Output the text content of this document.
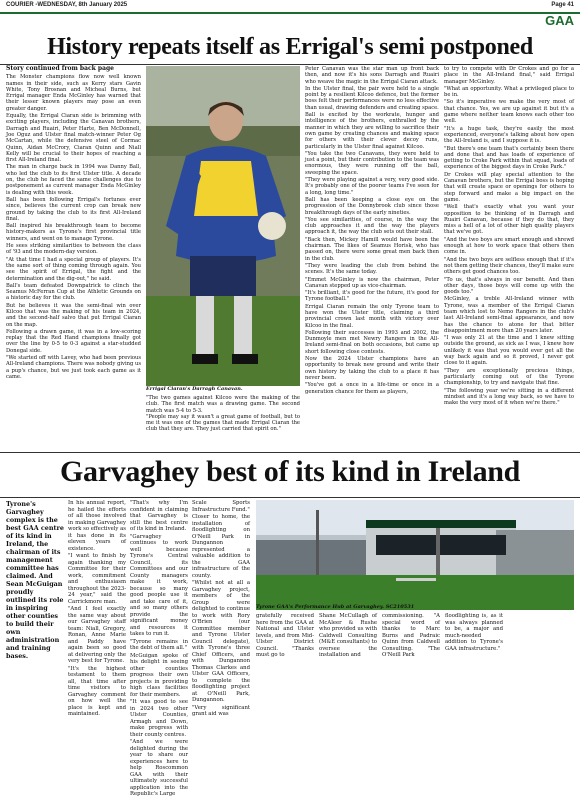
COURIER -WEDNESDAY, 8th January 2025	Page 41
GAA
History repeats itself as Errigal's semi postponed
Story continued from back page

The Monster champions flow now well known names in their side, such as Kerry stars Gavin White, Tony Brosnan and Micheal Burns, but Errigal manager Enda McGinley has warned that their lesser known players may pose an even greater danger.

Equally, the Errigal Ciaran side is brimming with exciting players, including the Canavan brothers, Darragh and Ruairi, Peter Harte, Ben McDonnell, Joe Oguz and Ulster final match-winner Peter Og McCartan, while the defensive steel of Cormac Quinn, Aidan McCrory, Ciaran Quinn and Niall Kelly will be crucial to their hopes of reaching a first All-Ireland final.

The man in charge back in 1994 was Danny Ball, who led the club to its first Ulster title. A decade on, the club he faced the same challenges due to postponement as current manager Enda McGinley is dealing with this week.

Ball has been following Errigal's fortunes ever since, believes the current crop can break new ground by taking the club to its first All-Ireland final.

Ball inspired his breakthrough team to become history-makers as Tyrone's first provincial title winners, and went on to manage Tyrone.

He sees striking similarities to between the class of '93 and the modern-day version.

"At that time I had a special group of players. It's the same sort of thing coming through again. You see the spirit of Errigal, the fight and the determination and the dig-out," he said.

Ball's team defeated Downpatrick to clinch the Seamus McFerran Cup at the Athletic Grounds on a historic day for the club.

But he believes it was the semi-final win over Kilcoo that was the making of his team in 2024, and the second-half salvo that put Errigal Ciaran on the map.

Following a drawn game, it was in a low-scoring replay that the Red Hand champions finally got over the line by 0-5 to 0-3 against a star-studded Donegal side.

"We started off with Lavey, who had been previous All-Ireland champions. There was nobody giving us a pup's chance, but we just took each game as it came.

Errigal Ciaran's Darragh Canavan.

"The two games against Kilcoo were the making of the club. The first match was a drawing game. The second match was 5-4 to 5-3.

"People may say it wasn't a great game of football, but to me it was one of the games that made Errigal Ciaran the club that they are. They just carried that spirit on."

Peter Canavan was the star man up front back then, and now it's his sons Darragh and Ruairi who weave the magic in the Errigal Ciaran attack.

In the Ulster final, the pair were held to a single point by a resilient Kilcoo defence, but the former boss felt their performances were no less effective than usual, drawing defenders and creating space.

Ball is excited by the workrate, hunger and intelligence of the brothers, enthralled by the manner in which they are willing to sacrifice their own game by creating chances and making space for others with their clever decoy runs, particularly in the Ulster final against Kilcoo.

"You take the two Canavans, they were held to just a point, but their contribution to the team was enormous, they were running off the ball, sweeping the space.

"They were playing against a very, very good side. It's probably one of the poorer teams I've seen for a long, long time."

Ball has been keeping a close eye on the progression of the Donnybrook club since those breakthrough days of the early nineties.

"You see similarities, of course, in the way the club approaches it and the way the players approach it, the way the club sets out their stall.

"Back then, Mickey Hamill would have been the chairman. The likes of Seamus Horisk, who has passed on, there were some great men back then in the club.

"They were leading the club from behind the scenes. It's the same today.

"Emmet McGinley is now the chairman, Peter Canavan stepped up as vice-chairman.

"It's brilliant, it's good for the future, it's good for Tyrone football."

Errigal Ciaran remain the only Tyrone team to have won the Ulster title, claiming a third provincial crown last month with victory over Kilcoo in the final.

Following their successes in 1993 and 2002, the Dunmoyle men met Newry Rangers in the All-Ireland semi-final on both occasions, but came up short following close contests.

Now the 2024 Ulster champions have an opportunity to break new ground and write their own history by taking the club to a place it has never been.

"You've got a once in a life-time or once in a generation chance for them as players,

to try to compete with Dr Crokes and go for a place in the All-Ireland final," said Errigal manager McGinley.

"What an opportunity. What a privileged place to be in.

"So it's imperative we make the very most of that chance. Yes, we are up against it but it's a game where neither team knows each other too well.

"It's a huge task, they're easily the most experienced, everyone's talking about how open the All-Ireland is, and I suppose it is.

"But there's one team that's certainly been there and done that and has loads of experience of getting to Croke Park within that squad, loads of experience of the biggest days in Croke Park."

Dr Crokes will play special attention to the Canavan brothers, but the Errigal boss is hoping that will create space or openings for others to step forward and make a big impact on the game.

"Well that's exactly what you want your opposition to be thinking of in Darragh and Ruairi Canavan, because if they do that, they miss a hell of a lot of other high quality players that we've got.

"And the two boys are smart enough and shrewd enough at how to work space that others then come in.

"And the two boys are selfless enough that if it's not them getting their chances, they'll make sure others get good chances too.

"To us, that's always in our benefit. And then other days, those boys will come up with the goods too."

McGinley, a treble All-Ireland winner with Tyrone, was a member of the Errigal Ciaran team which lost to Nemo Rangers in the club's last All-Ireland semi-final appearance, and now has the chance to atone for that bitter disappointment more than 20 years later.

"I was only 21 at the time and I knew sitting outside the ground, as sick as I was, I knew how unlikely it was that you would ever get all the way back again and so it proved, I never got close to it again.

"They are exceptionally precious things, particularly coming out of the Tyrone championship, to try and navigate that fine.

"The following year we're sitting in a different mindset and it's a long way back, so we have to make the very most of it when we're there."

Garvaghey best of its kind in Ireland
Tyrone's Garvaghey complex is the best GAA centre of its kind in Ireland, the chairman of its management committee has claimed. And Sean McGuigan proudly outlined its role in inspiring other counties to build their own administration and training bases.

In his annual report, he hailed the efforts of all those involved in making Garvaghey work so effectively as it has done in its eleven years of existence.

"I want to finish by again thanking my Committee for their work, commitment and enthusiasm throughout the 2023-24 year," said the Carrickmore man.

"And I feel exactly the same way about our Garvaghey staff team: Niall, Gregory, Ronan, Anne Marie and Paddy have again been so good at delivering only the very best for Tyrone.

"It's the highest testament to them all, that time after time visitors to Garvaghey comment on how well the place is kept and maintained.

"That's why I'm confident in claiming that Garvaghey is still the best centre of its kind in Ireland.

"Garvaghey continues to work well because Tyrone's Central Council, its Committees and our County managers make it work, because so many good people use it and take care of it, and so many others provide the significant money and resources it takes to run it.

"Tyrone remains in the debt of them all."

McGuigan spoke of his delight in seeing other counties progress their own projects in providing high class facilities for their members.

"It was good to see in 2024 two other Ulster Counties, Armagh and Down, make progress with their county centres.

"And we were delighted during the year to share our experiences here to help Roscommon GAA with their ultimately successful application into the Republic's Large

Scale Sports Infrastructure Fund."

Closer to home, the installation of floodlighting on O'Neill Park in Dungannon represented a valuable addition to the GAA infrastructure of the county.

"Whilst not at all a Garvaghey project, members of the Group were delighted to continue to work with Rory O'Brien (our Committee member and Tyrone Ulster Council delegate), with Tyrone's three Chief Officers, and with Dungannon Thomas Clarkes and Ulster GAA Officers, to complete the floodlighting project at O'Neill Park, Dungannon.

"Very significant grant aid was

gratefully received here from the GAA at National and Ulster levels, and from Mid-Ulster District Council. "Thanks must go to
Shane McCullagh of McAleer & Rushe who provided us with Caldwell Consulting (M&E consultants) to oversee the installation and
commissioning. "A special word of thanks to Marc Burns and Padraic Quinn from Caldwell Consulting. "The O'Neill Park
floodlighting is, as it was always planned to be, a major and much-needed addition to Tyrone's GAA infrastructure."
Tyrone GAA's Performance Hub at Garvaghey. SC210531
